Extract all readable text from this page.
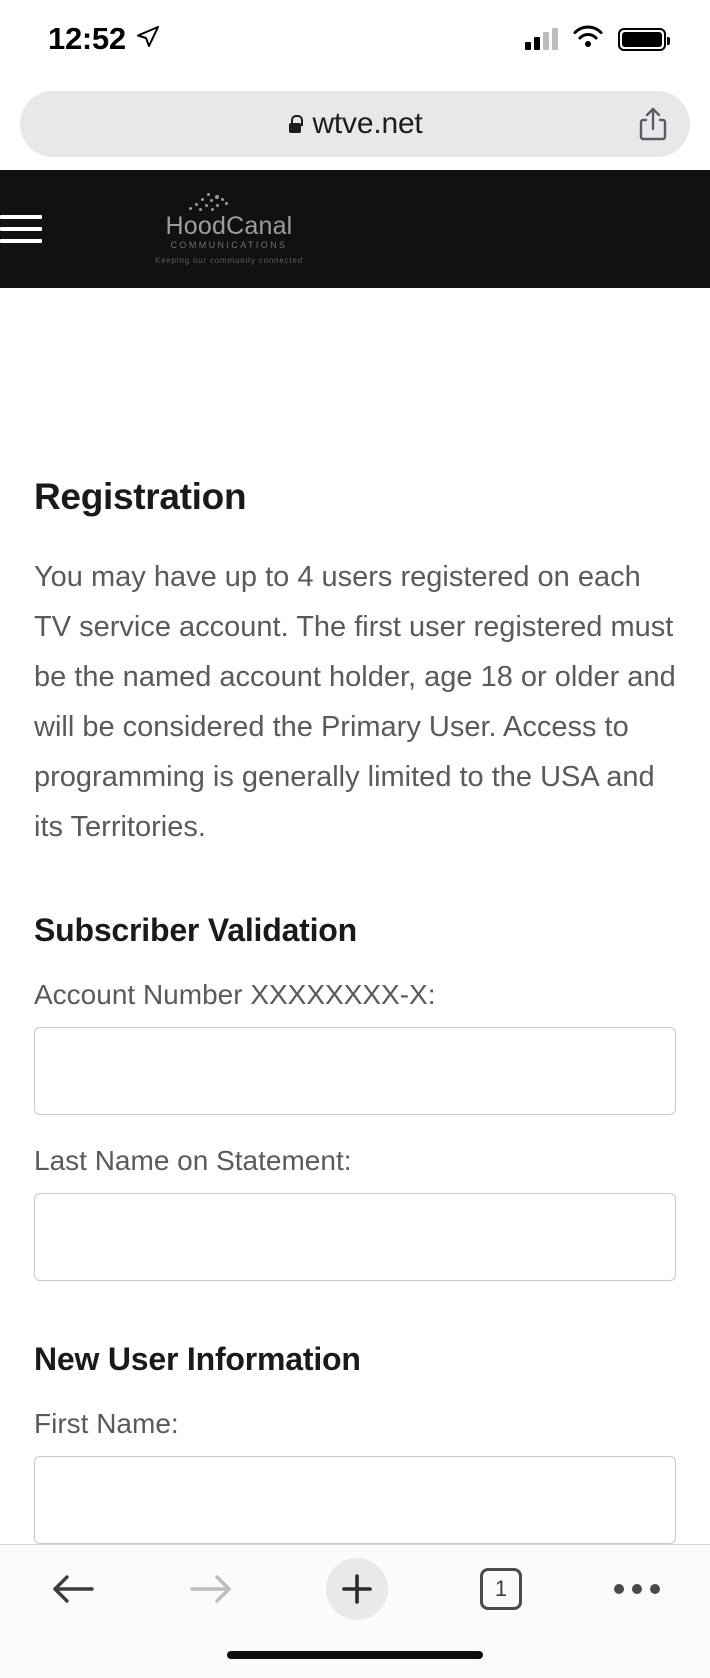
12:52
wtve.net
HoodCanal
COMMUNICATIONS
Keeping our community connected
Registration

You may have up to 4 users registered on each TV service account. The first user registered must be the named account holder, age 18 or older and will be considered the Primary User. Access to programming is generally limited to the USA and its Territories.

Subscriber Validation
Account Number XXXXXXXX-X:
Last Name on Statement:
New User Information
First Name:
1
